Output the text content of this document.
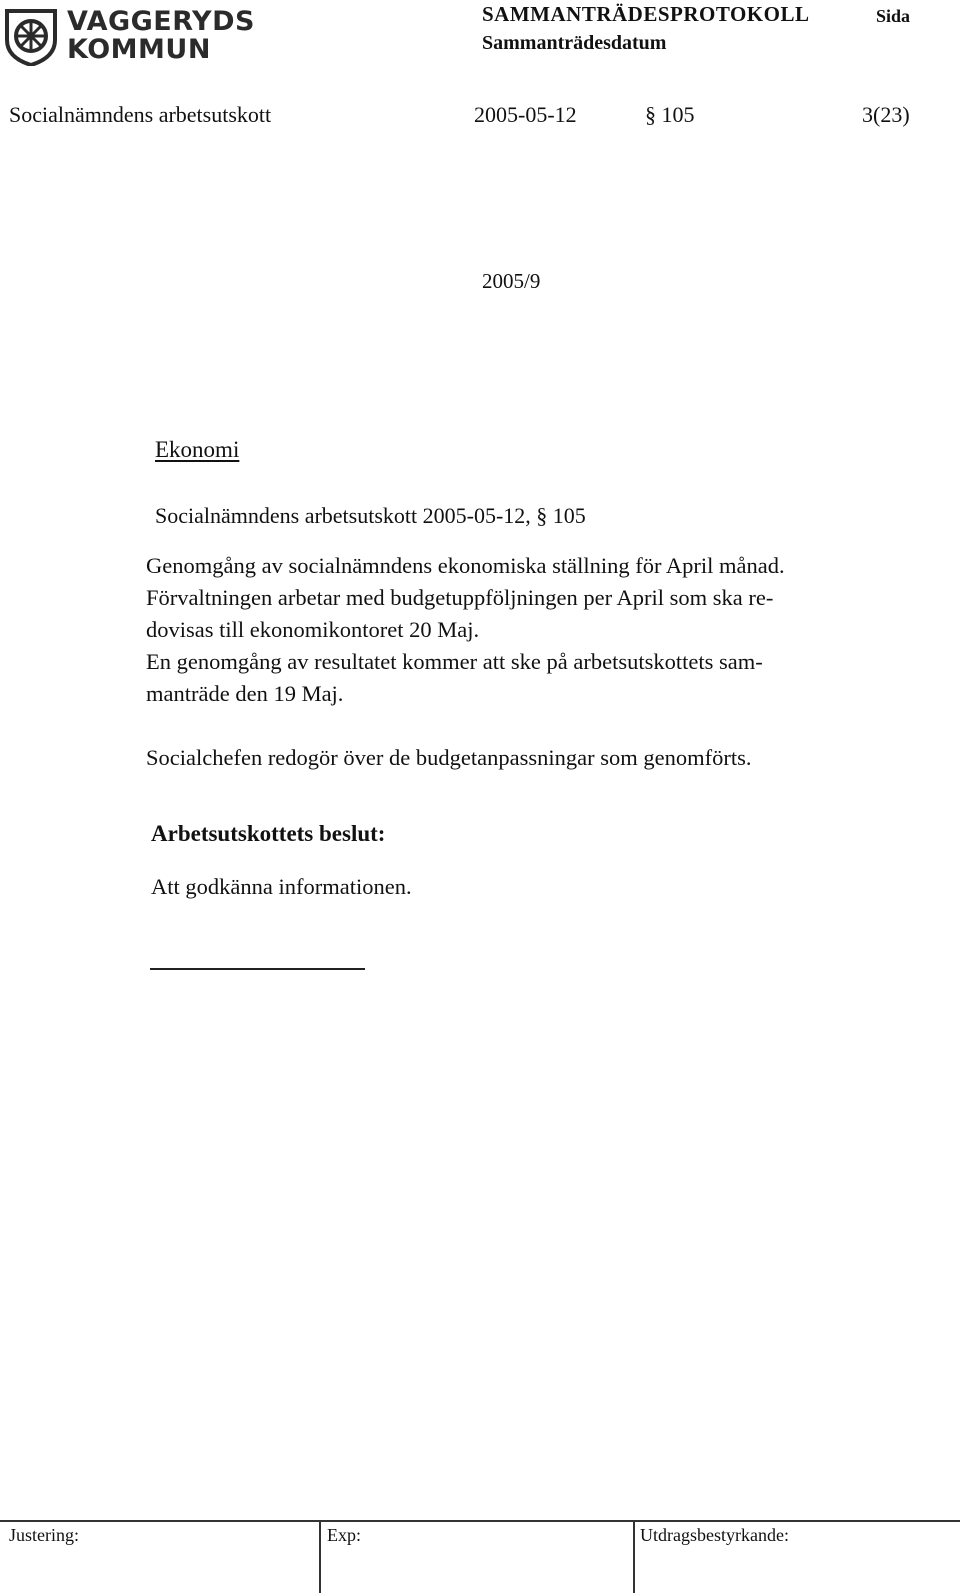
VAGGERYDS
KOMMUN
SAMMANTRÄDESPROTOKOLL	Sida
Sammanträdesdatum
Socialnämndens arbetsutskott	2005-05-12	§ 105	3(23)
2005/9
Ekonomi
Socialnämndens arbetsutskott 2005-05-12, § 105
Genomgång av socialnämndens ekonomiska ställning för April månad.
Förvaltningen arbetar med budgetuppföljningen per April som ska re-
dovisas till ekonomikontoret 20 Maj.
En genomgång av resultatet kommer att ske på arbetsutskottets sam-
manträde den 19 Maj.
Socialchefen redogör över de budgetanpassningar som genomförts.
Arbetsutskottets beslut:
Att godkänna informationen.
Justering:	Exp:	Utdragsbestyrkande:
